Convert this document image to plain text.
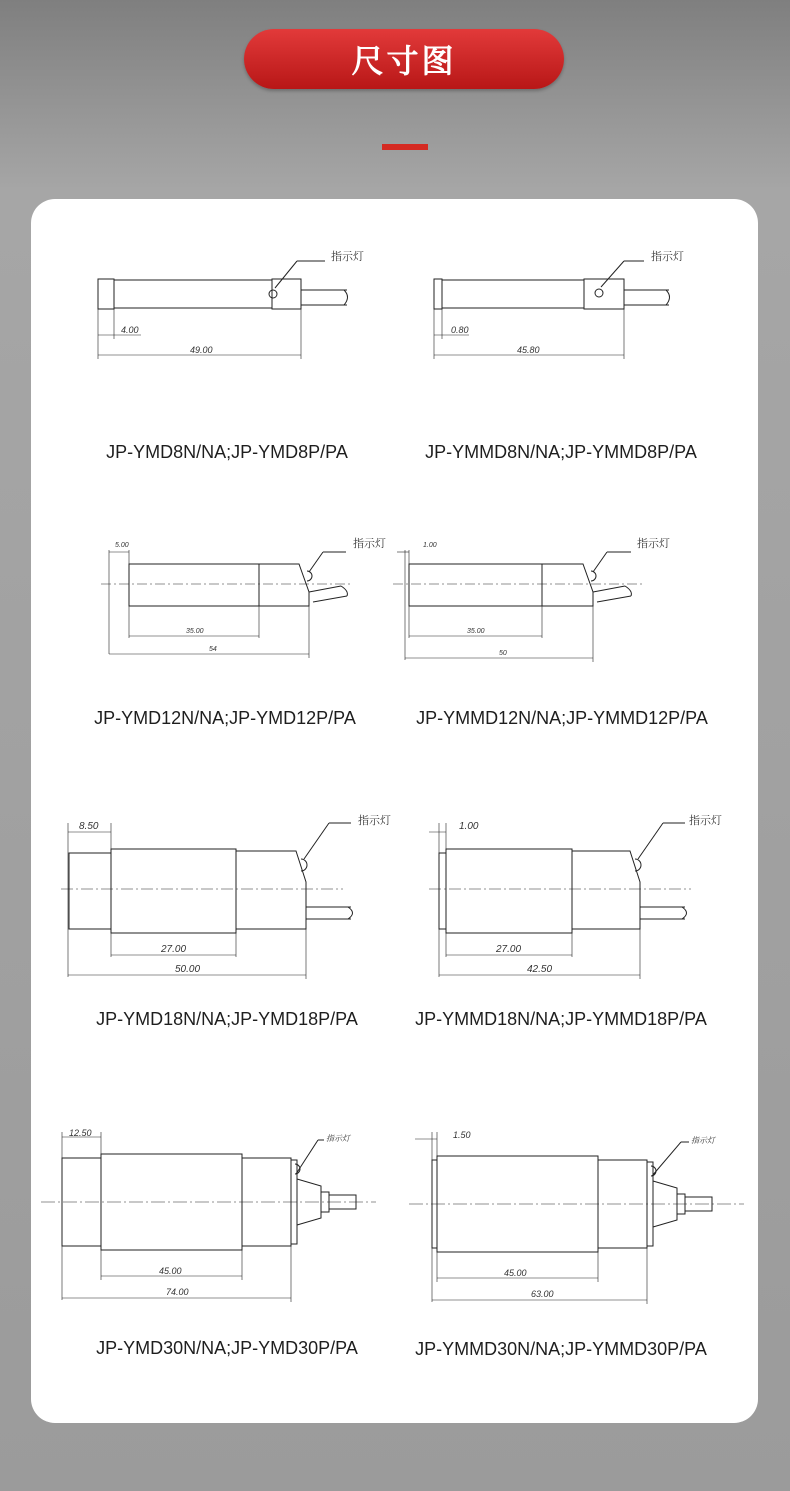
尺寸图
指示灯
4.00
49.00
JP-YMD8N/NA;JP-YMD8P/PA
指示灯
0.80
45.80
JP-YMMD8N/NA;JP-YMMD8P/PA
指示灯
5.00
35.00
54
JP-YMD12N/NA;JP-YMD12P/PA
指示灯
1.00
35.00
50
JP-YMMD12N/NA;JP-YMMD12P/PA
指示灯
8.50
27.00
50.00
JP-YMD18N/NA;JP-YMD18P/PA
指示灯
1.00
27.00
42.50
JP-YMMD18N/NA;JP-YMMD18P/PA
指示灯
12.50
45.00
74.00
JP-YMD30N/NA;JP-YMD30P/PA
指示灯
1.50
45.00
63.00
JP-YMMD30N/NA;JP-YMMD30P/PA
